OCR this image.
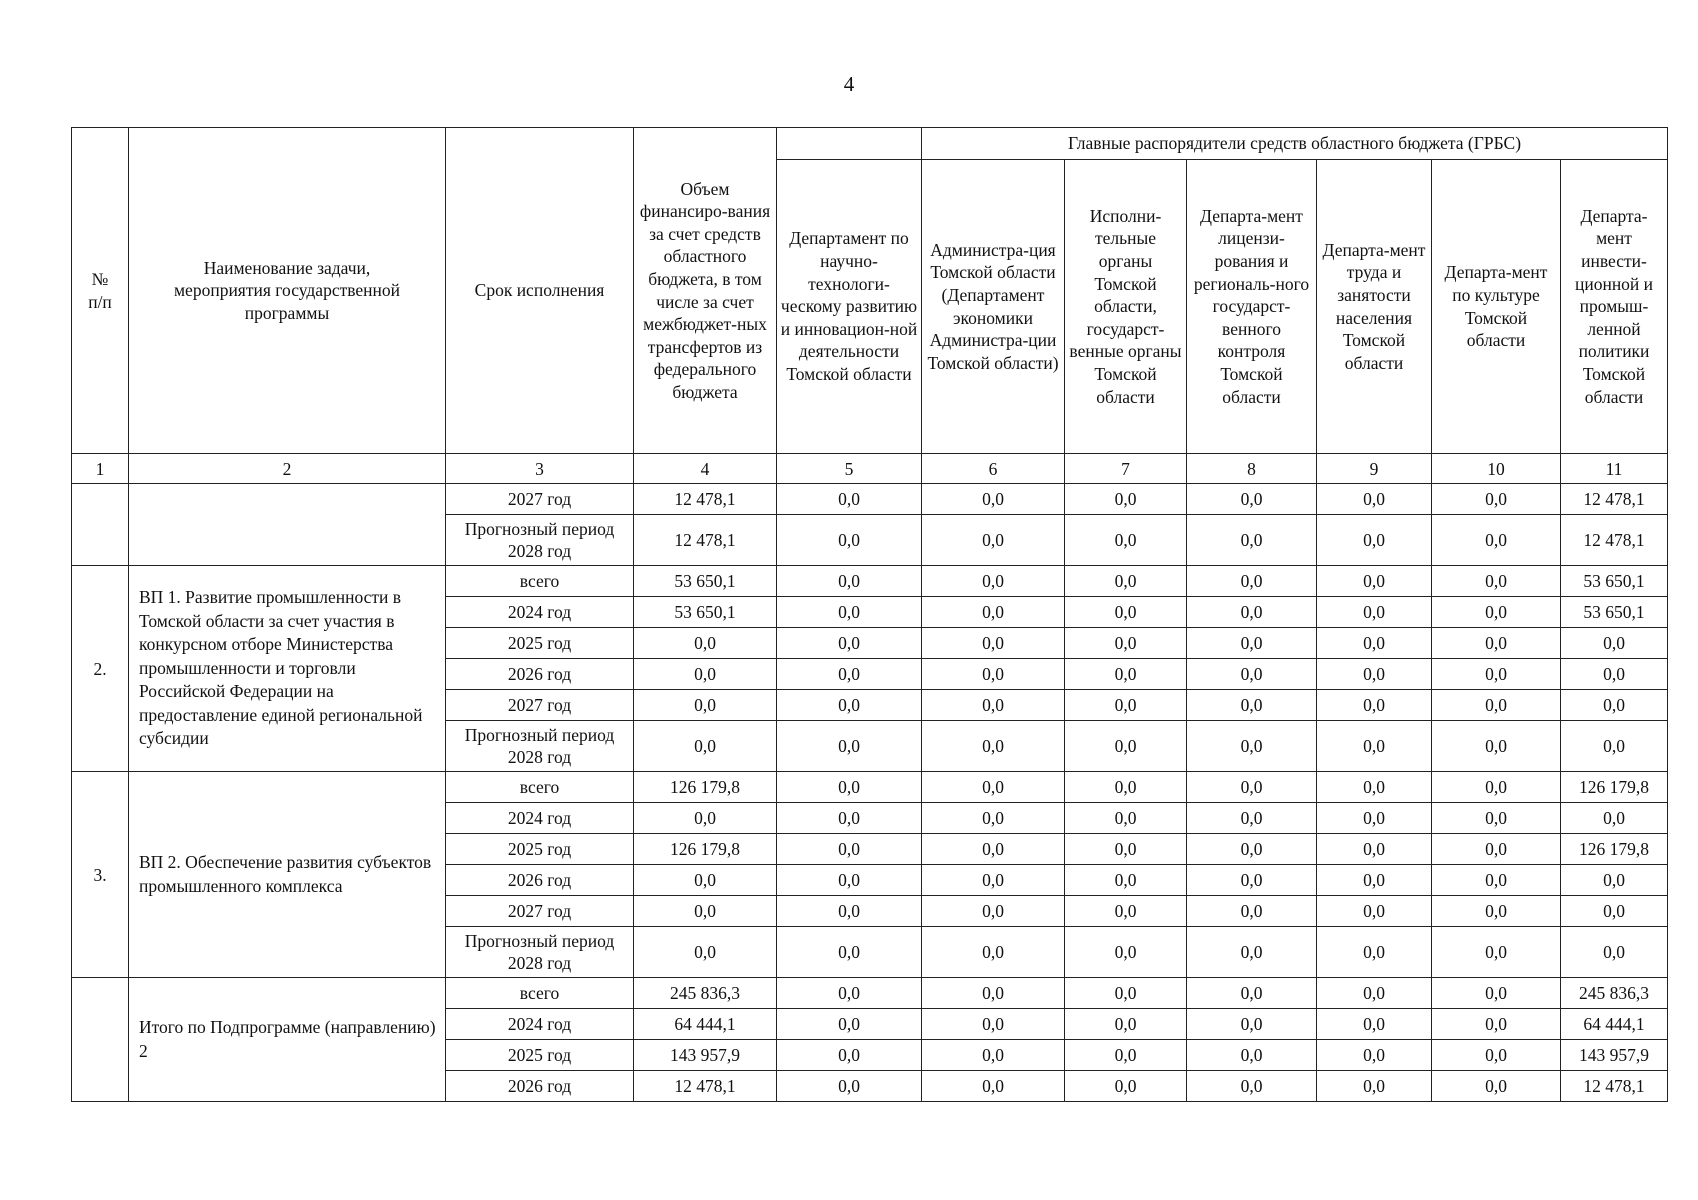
4
№ п/п	Наименование задачи, мероприятия государственной программы	Срок исполнения	Объем финансиро-вания за счет средств областного бюджета, в том числе за счет межбюджет-ных трансфертов из федерального бюджета		Главные распорядители средств областного бюджета (ГРБС)					
				Департамент по научно-технологи-ческому развитию и инновацион-ной деятельности Томской области	Администра-ция Томской области (Департамент экономики Администра-ции Томской области)	Исполни-тельные органы Томской области, государст-венные органы Томской области	Департа-мент лицензи-рования и региональ-ного государст-венного контроля Томской области	Департа-мент труда и занятости населения Томской области	Департа-мент по культуре Томской области	Департа-мент инвести-ционной и промыш-ленной политики Томской области
1	2	3	4	5	6	7	8	9	10	11
		2027 год	12 478,1	0,0	0,0	0,0	0,0	0,0	0,0	12 478,1
		Прогнозный период 2028 год	12 478,1	0,0	0,0	0,0	0,0	0,0	0,0	12 478,1
2.	ВП 1. Развитие промышленности в Томской области за счет участия в конкурсном отборе Министерства промышленности и торговли Российской Федерации на предоставление единой региональной субсидии	всего	53 650,1	0,0	0,0	0,0	0,0	0,0	0,0	53 650,1
		2024 год	53 650,1	0,0	0,0	0,0	0,0	0,0	0,0	53 650,1
		2025 год	0,0	0,0	0,0	0,0	0,0	0,0	0,0	0,0
		2026 год	0,0	0,0	0,0	0,0	0,0	0,0	0,0	0,0
		2027 год	0,0	0,0	0,0	0,0	0,0	0,0	0,0	0,0
		Прогнозный период 2028 год	0,0	0,0	0,0	0,0	0,0	0,0	0,0	0,0
3.	ВП 2. Обеспечение развития субъектов промышленного комплекса	всего	126 179,8	0,0	0,0	0,0	0,0	0,0	0,0	126 179,8
		2024 год	0,0	0,0	0,0	0,0	0,0	0,0	0,0	0,0
		2025 год	126 179,8	0,0	0,0	0,0	0,0	0,0	0,0	126 179,8
		2026 год	0,0	0,0	0,0	0,0	0,0	0,0	0,0	0,0
		2027 год	0,0	0,0	0,0	0,0	0,0	0,0	0,0	0,0
		Прогнозный период 2028 год	0,0	0,0	0,0	0,0	0,0	0,0	0,0	0,0
	Итого по Подпрограмме (направлению) 2	всего	245 836,3	0,0	0,0	0,0	0,0	0,0	0,0	245 836,3
		2024 год	64 444,1	0,0	0,0	0,0	0,0	0,0	0,0	64 444,1
		2025 год	143 957,9	0,0	0,0	0,0	0,0	0,0	0,0	143 957,9
		2026 год	12 478,1	0,0	0,0	0,0	0,0	0,0	0,0	12 478,1
